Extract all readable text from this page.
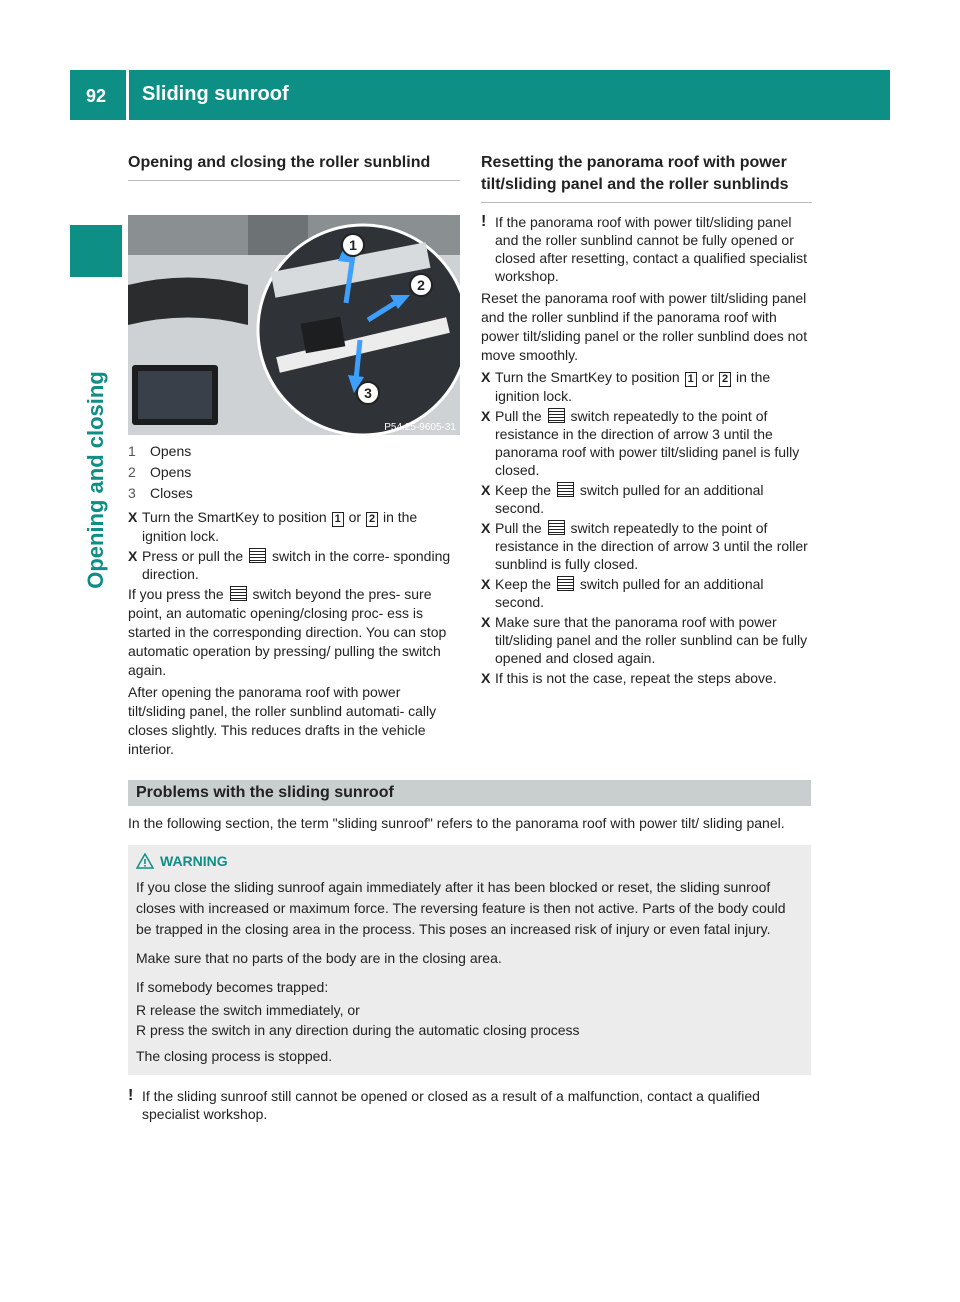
92 Sliding sunroof
Opening and closing
Opening and closing the roller sunblind
1
2
3
P54.25-9605-31
1	Opens
2	Opens
3	Closes
X Turn the SmartKey to position 1 or 2 in the ignition lock.
X Press or pull the  switch in the corre- sponding direction.

If you press the  switch beyond the pres- sure point, an automatic opening/closing proc- ess is started in the corresponding direction. You can stop automatic operation by pressing/ pulling the switch again.

After opening the panorama roof with power tilt/sliding panel, the roller sunblind automati- cally closes slightly. This reduces drafts in the vehicle interior.

Resetting the panorama roof with power tilt/sliding panel and the roller sunblinds
! If the panorama roof with power tilt/sliding panel and the roller sunblind cannot be fully opened or closed after resetting, contact a qualified specialist workshop.

Reset the panorama roof with power tilt/sliding panel and the roller sunblind if the panorama roof with power tilt/sliding panel or the roller sunblind does not move smoothly.

X Turn the SmartKey to position 1 or 2 in the ignition lock.
X Pull the  switch repeatedly to the point of resistance in the direction of arrow 3 until the panorama roof with power tilt/sliding panel is fully closed.
X Keep the  switch pulled for an additional second.
X Pull the  switch repeatedly to the point of resistance in the direction of arrow 3 until the roller sunblind is fully closed.
X Keep the  switch pulled for an additional second.
X Make sure that the panorama roof with power tilt/sliding panel and the roller sunblind can be fully opened and closed again.
X If this is not the case, repeat the steps above.
Problems with the sliding sunroof

In the following section, the term "sliding sunroof" refers to the panorama roof with power tilt/ sliding panel.

WARNING

If you close the sliding sunroof again immediately after it has been blocked or reset, the sliding sunroof closes with increased or maximum force. The reversing feature is then not active. Parts of the body could be trapped in the closing area in the process. This poses an increased risk of injury or even fatal injury.

Make sure that no parts of the body are in the closing area.

If somebody becomes trapped:

R release the switch immediately, or
R press the switch in any direction during the automatic closing process

The closing process is stopped.

! If the sliding sunroof still cannot be opened or closed as a result of a malfunction, contact a qualified specialist workshop.
